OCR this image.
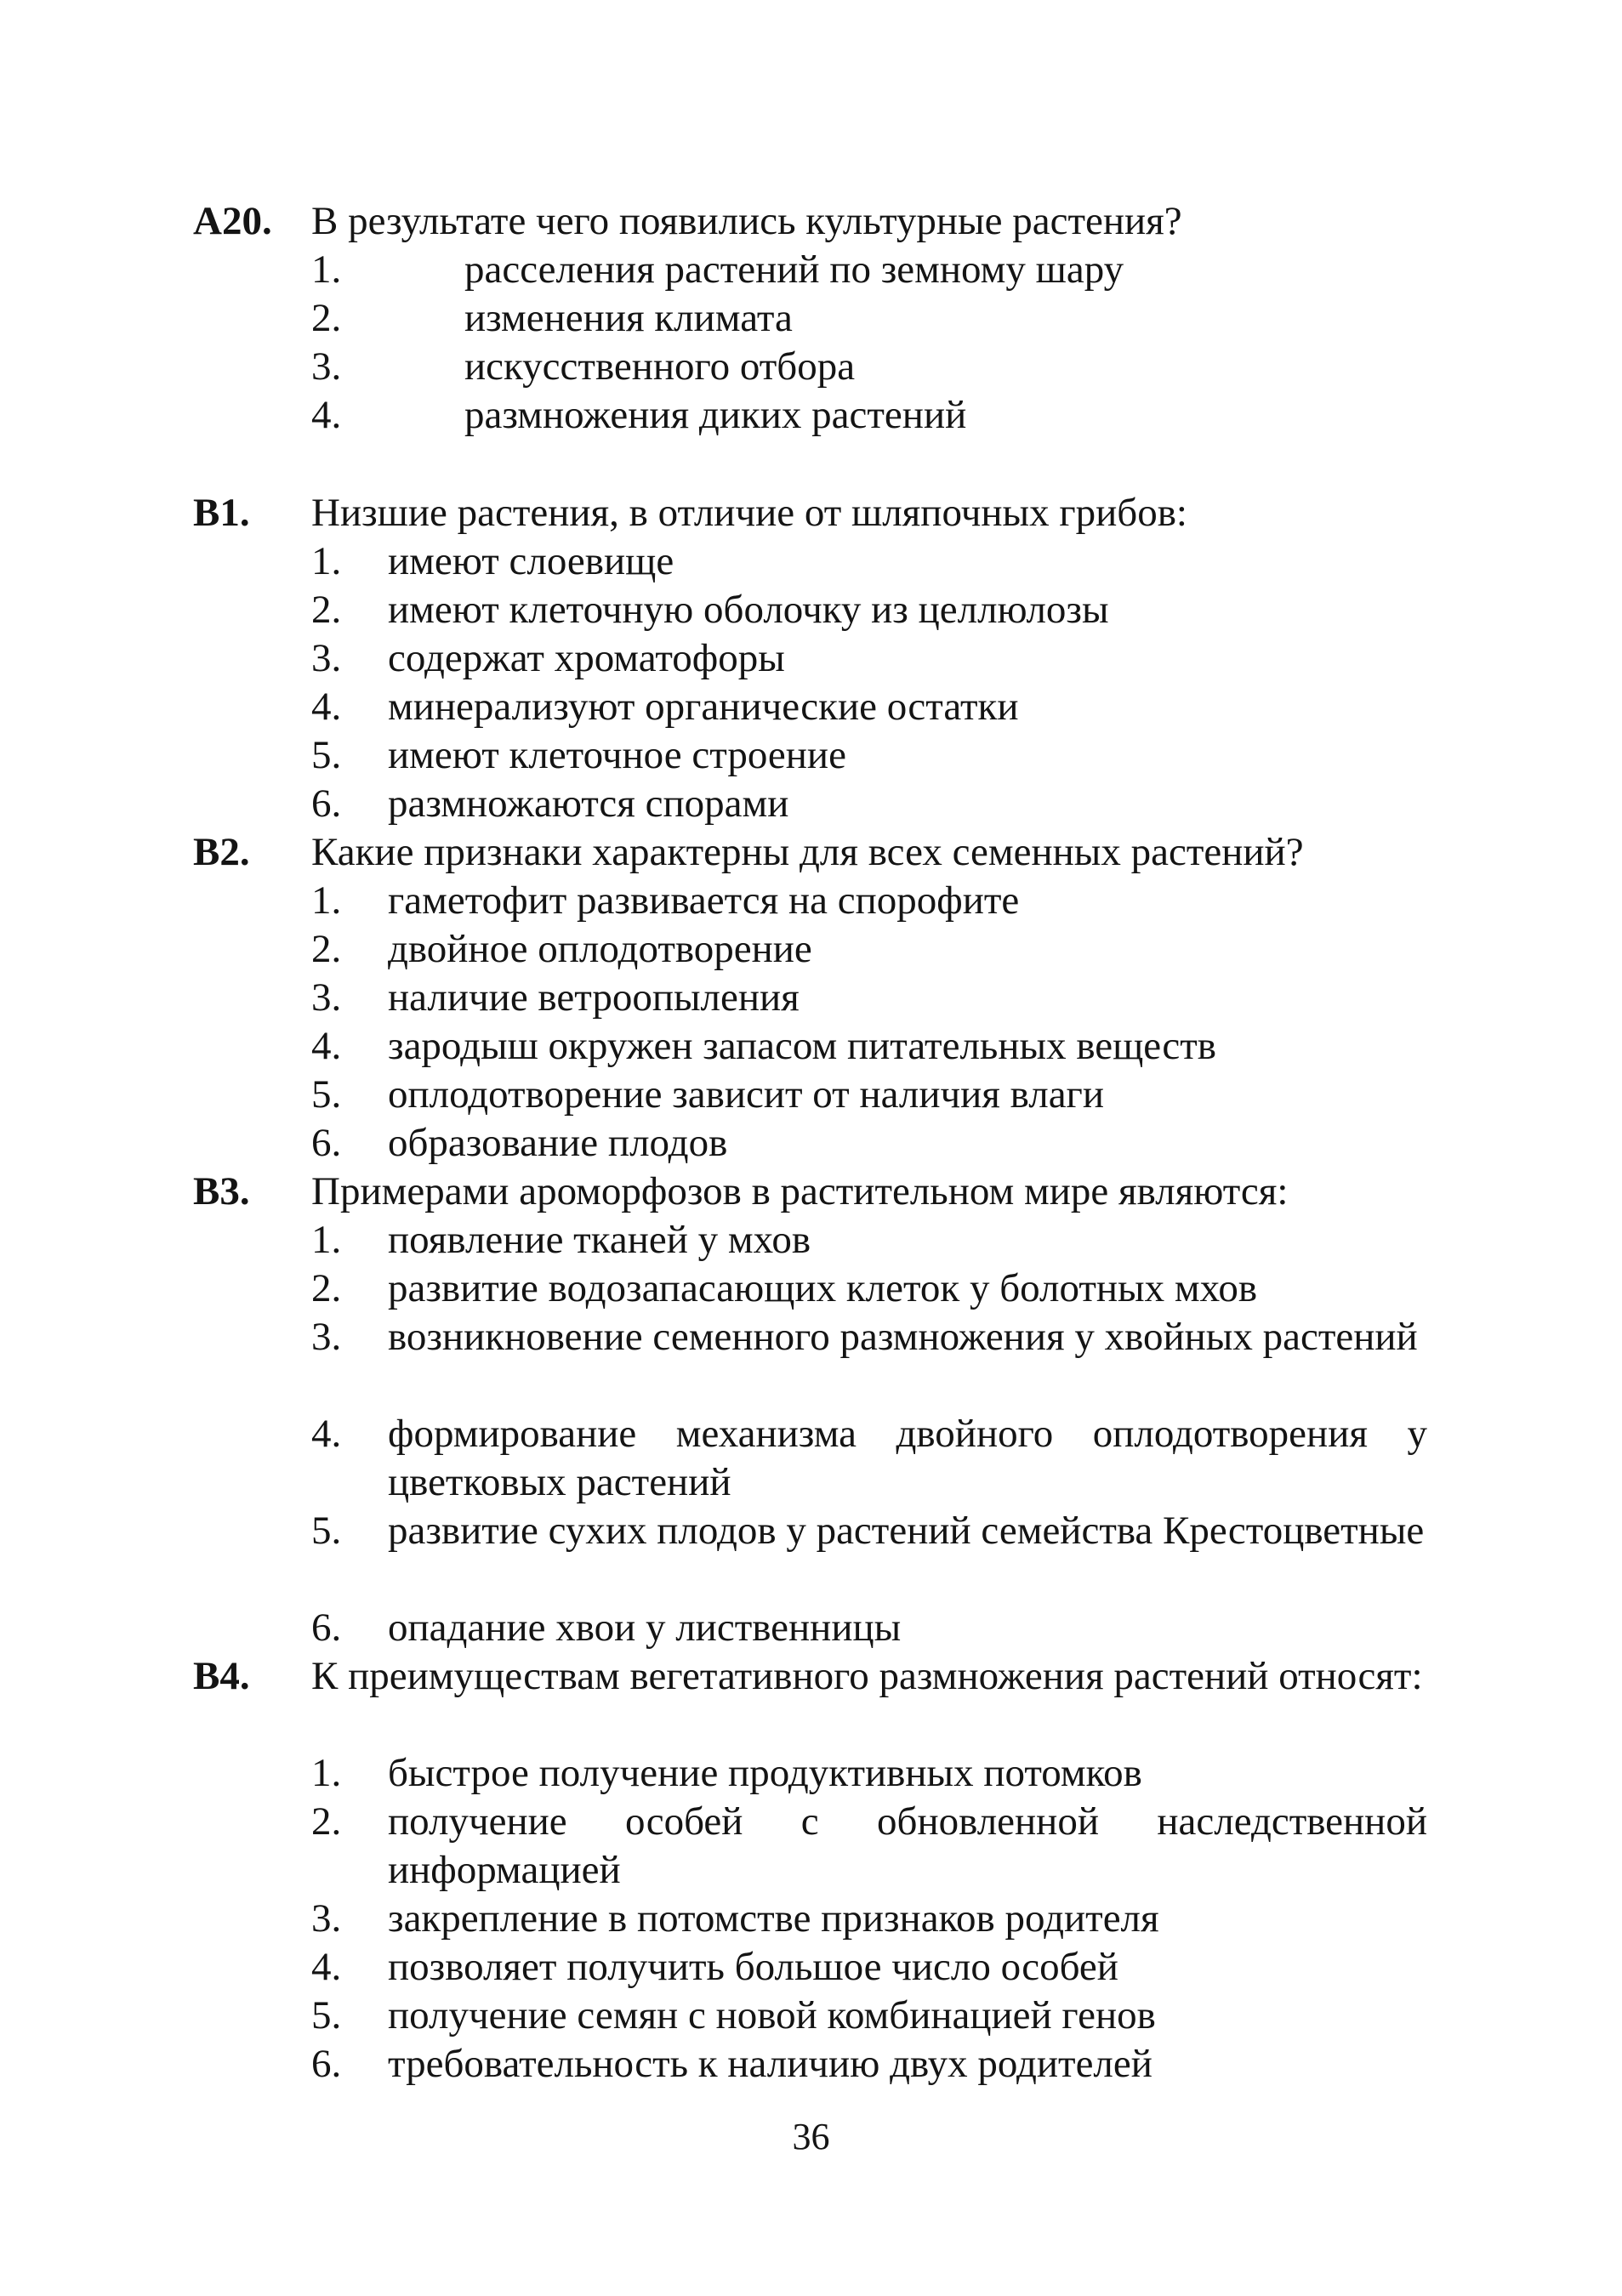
А20. В результате чего появились культурные растения?
1.	расселения растений по земному шару
2.	изменения климата
3.	искусственного отбора
4.	размножения диких растений
В1. Низшие растения, в отличие от шляпочных грибов:
1. имеют слоевище
2. имеют клеточную оболочку из целлюлозы
3. содержат хроматофоры
4. минерализуют органические остатки
5. имеют клеточное строение
6. размножаются спорами
В2. Какие признаки характерны для всех семенных растений?
1. гаметофит развивается на спорофите
2. двойное оплодотворение
3. наличие ветроопыления
4. зародыш окружен запасом питательных веществ
5. оплодотворение зависит от наличия влаги
6. образование плодов
В3. Примерами ароморфозов в растительном мире являются:
1. появление тканей у мхов
2. развитие водозапасающих клеток у болотных мхов
3. возникновение семенного размножения у хвойных растений
4. формирование механизма двойного оплодотворения у цветковых растений
5. развитие сухих плодов у растений семейства Крестоцветные
6. опадание хвои у лиственницы
В4. К преимуществам вегетативного размножения растений относят:
1. быстрое получение продуктивных потомков
2. получение особей с обновленной наследственной информацией
3. закрепление в потомстве признаков родителя
4. позволяет получить большое число особей
5. получение семян с новой комбинацией генов
6. требовательность к наличию двух родителей
36
